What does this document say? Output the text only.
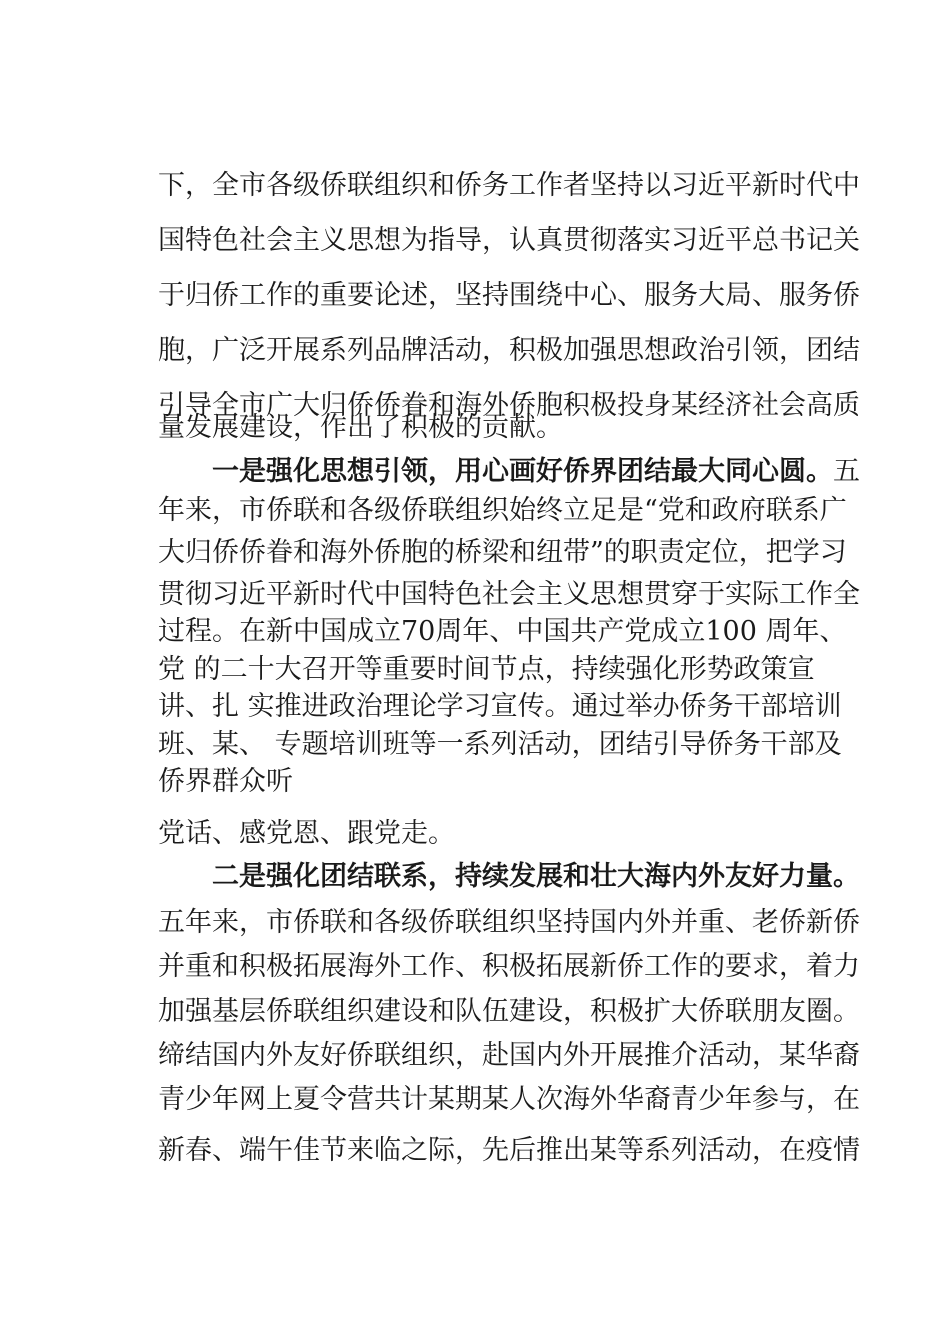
下，全市各级侨联组织和侨务工作者坚持以习近平新时代中
国特色社会主义思想为指导，认真贯彻落实习近平总书记关
于归侨工作的重要论述，坚持围绕中心、服务大局、服务侨
胞，广泛开展系列品牌活动，积极加强思想政治引领，团结
引导全市广大归侨侨眷和海外侨胞积极投身某经济社会高质
量发展建设，作出了积极的贡献。
一是强化思想引领，用心画好侨界团结最大同心圆。五
年来，市侨联和各级侨联组织始终立足是“党和政府联系广
大归侨侨眷和海外侨胞的桥梁和纽带”的职责定位，把学习
贯彻习近平新时代中国特色社会主义思想贯穿于实际工作全
过程。在新中国成立70周年、中国共产党成立100 周年、
党 的二十大召开等重要时间节点，持续强化形势政策宣
讲、扎 实推进政治理论学习宣传。通过举办侨务干部培训
班、某、 专题培训班等一系列活动，团结引导侨务干部及
侨界群众听
党话、感党恩、跟党走。
二是强化团结联系，持续发展和壮大海内外友好力量。
五年来，市侨联和各级侨联组织坚持国内外并重、老侨新侨
并重和积极拓展海外工作、积极拓展新侨工作的要求，着力
加强基层侨联组织建设和队伍建设，积极扩大侨联朋友圈。
缔结国内外友好侨联组织，赴国内外开展推介活动，某华裔
青少年网上夏令营共计某期某人次海外华裔青少年参与，在
新春、端午佳节来临之际，先后推出某等系列活动，在疫情
